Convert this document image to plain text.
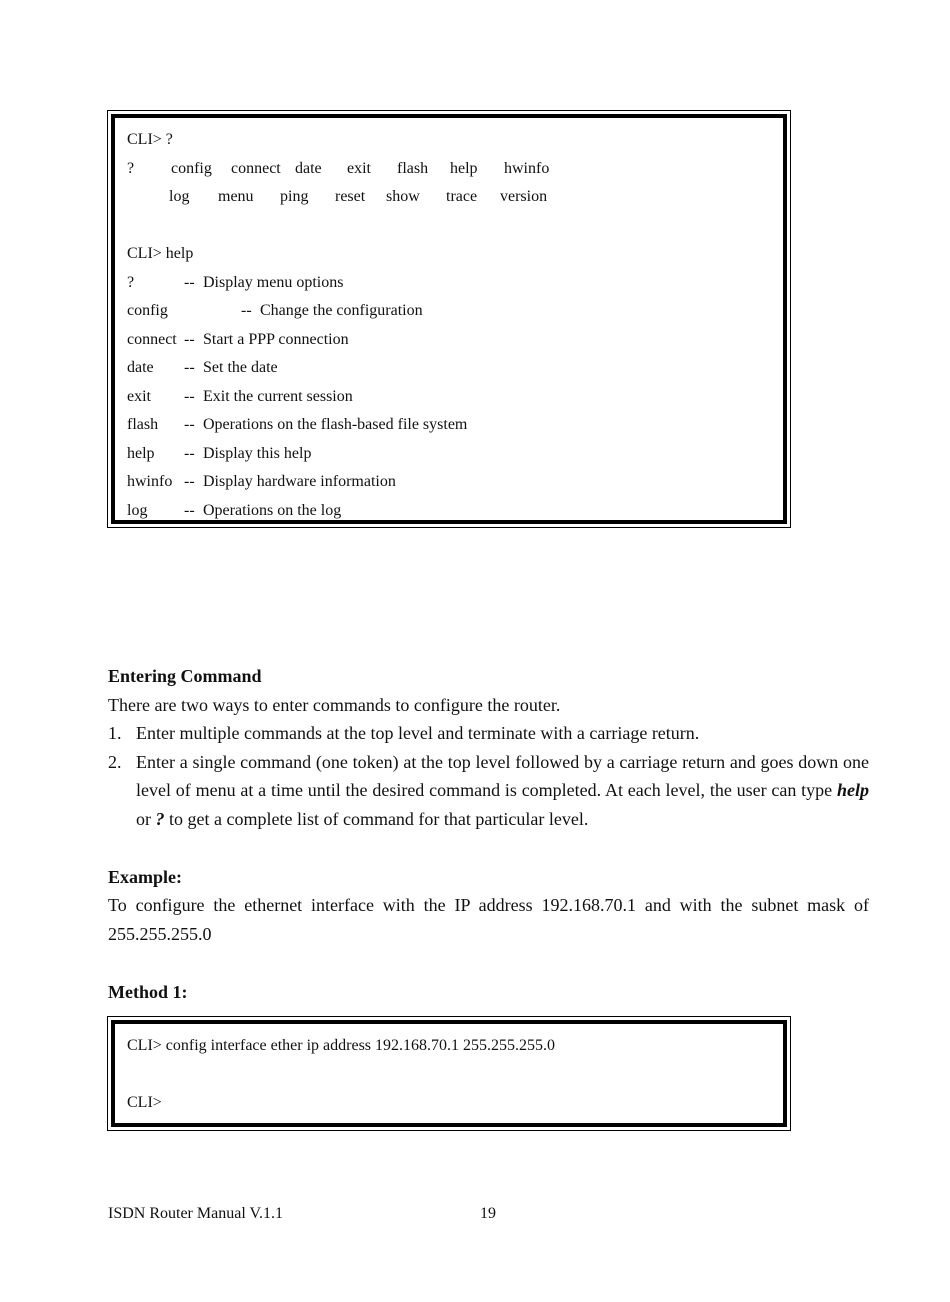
CLI> ?
? config connect date exit flash help hwinfo
log menu ping reset show trace version
CLI> help
?	-- Display menu options
config	-- Change the configuration
connect -- Start a PPP connection
date -- Set the date
exit -- Exit the current session
flash -- Operations on the flash-based file system
help -- Display this help
hwinfo -- Display hardware information
log -- Operations on the log

Entering Command

There are two ways to enter commands to configure the router.

1. Enter multiple commands at the top level and terminate with a carriage return.
2. Enter a single command (one token) at the top level followed by a carriage return and goes down one level of menu at a time until the desired command is completed. At each level, the user can type help or ? to get a complete list of command for that particular level.

Example:

To configure the ethernet interface with the IP address 192.168.70.1 and with the subnet mask of 255.255.255.0

Method 1:

CLI> config interface ether ip address 192.168.70.1 255.255.255.0
CLI>
ISDN Router Manual V.1.1	19
